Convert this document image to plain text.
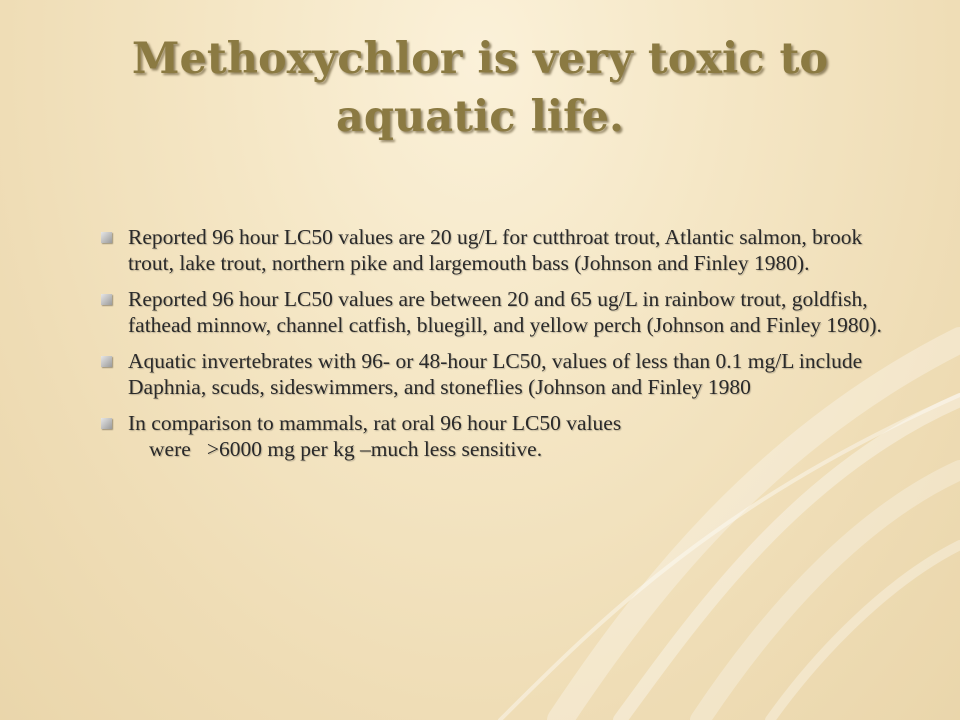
Methoxychlor is very toxic to aquatic life.
Reported 96 hour LC50 values are 20 ug/L for cutthroat trout, Atlantic salmon, brook trout, lake trout, northern pike and largemouth bass (Johnson and Finley 1980).
Reported 96 hour LC50 values are between 20 and 65 ug/L in rainbow trout, goldfish, fathead minnow, channel catfish, bluegill, and yellow perch (Johnson and Finley 1980).
Aquatic invertebrates with 96- or 48-hour LC50, values of less than 0.1 mg/L include Daphnia, scuds, sideswimmers, and stoneflies (Johnson and Finley 1980
In comparison to mammals, rat oral 96 hour LC50 values
were   >6000 mg per kg –much less sensitive.
